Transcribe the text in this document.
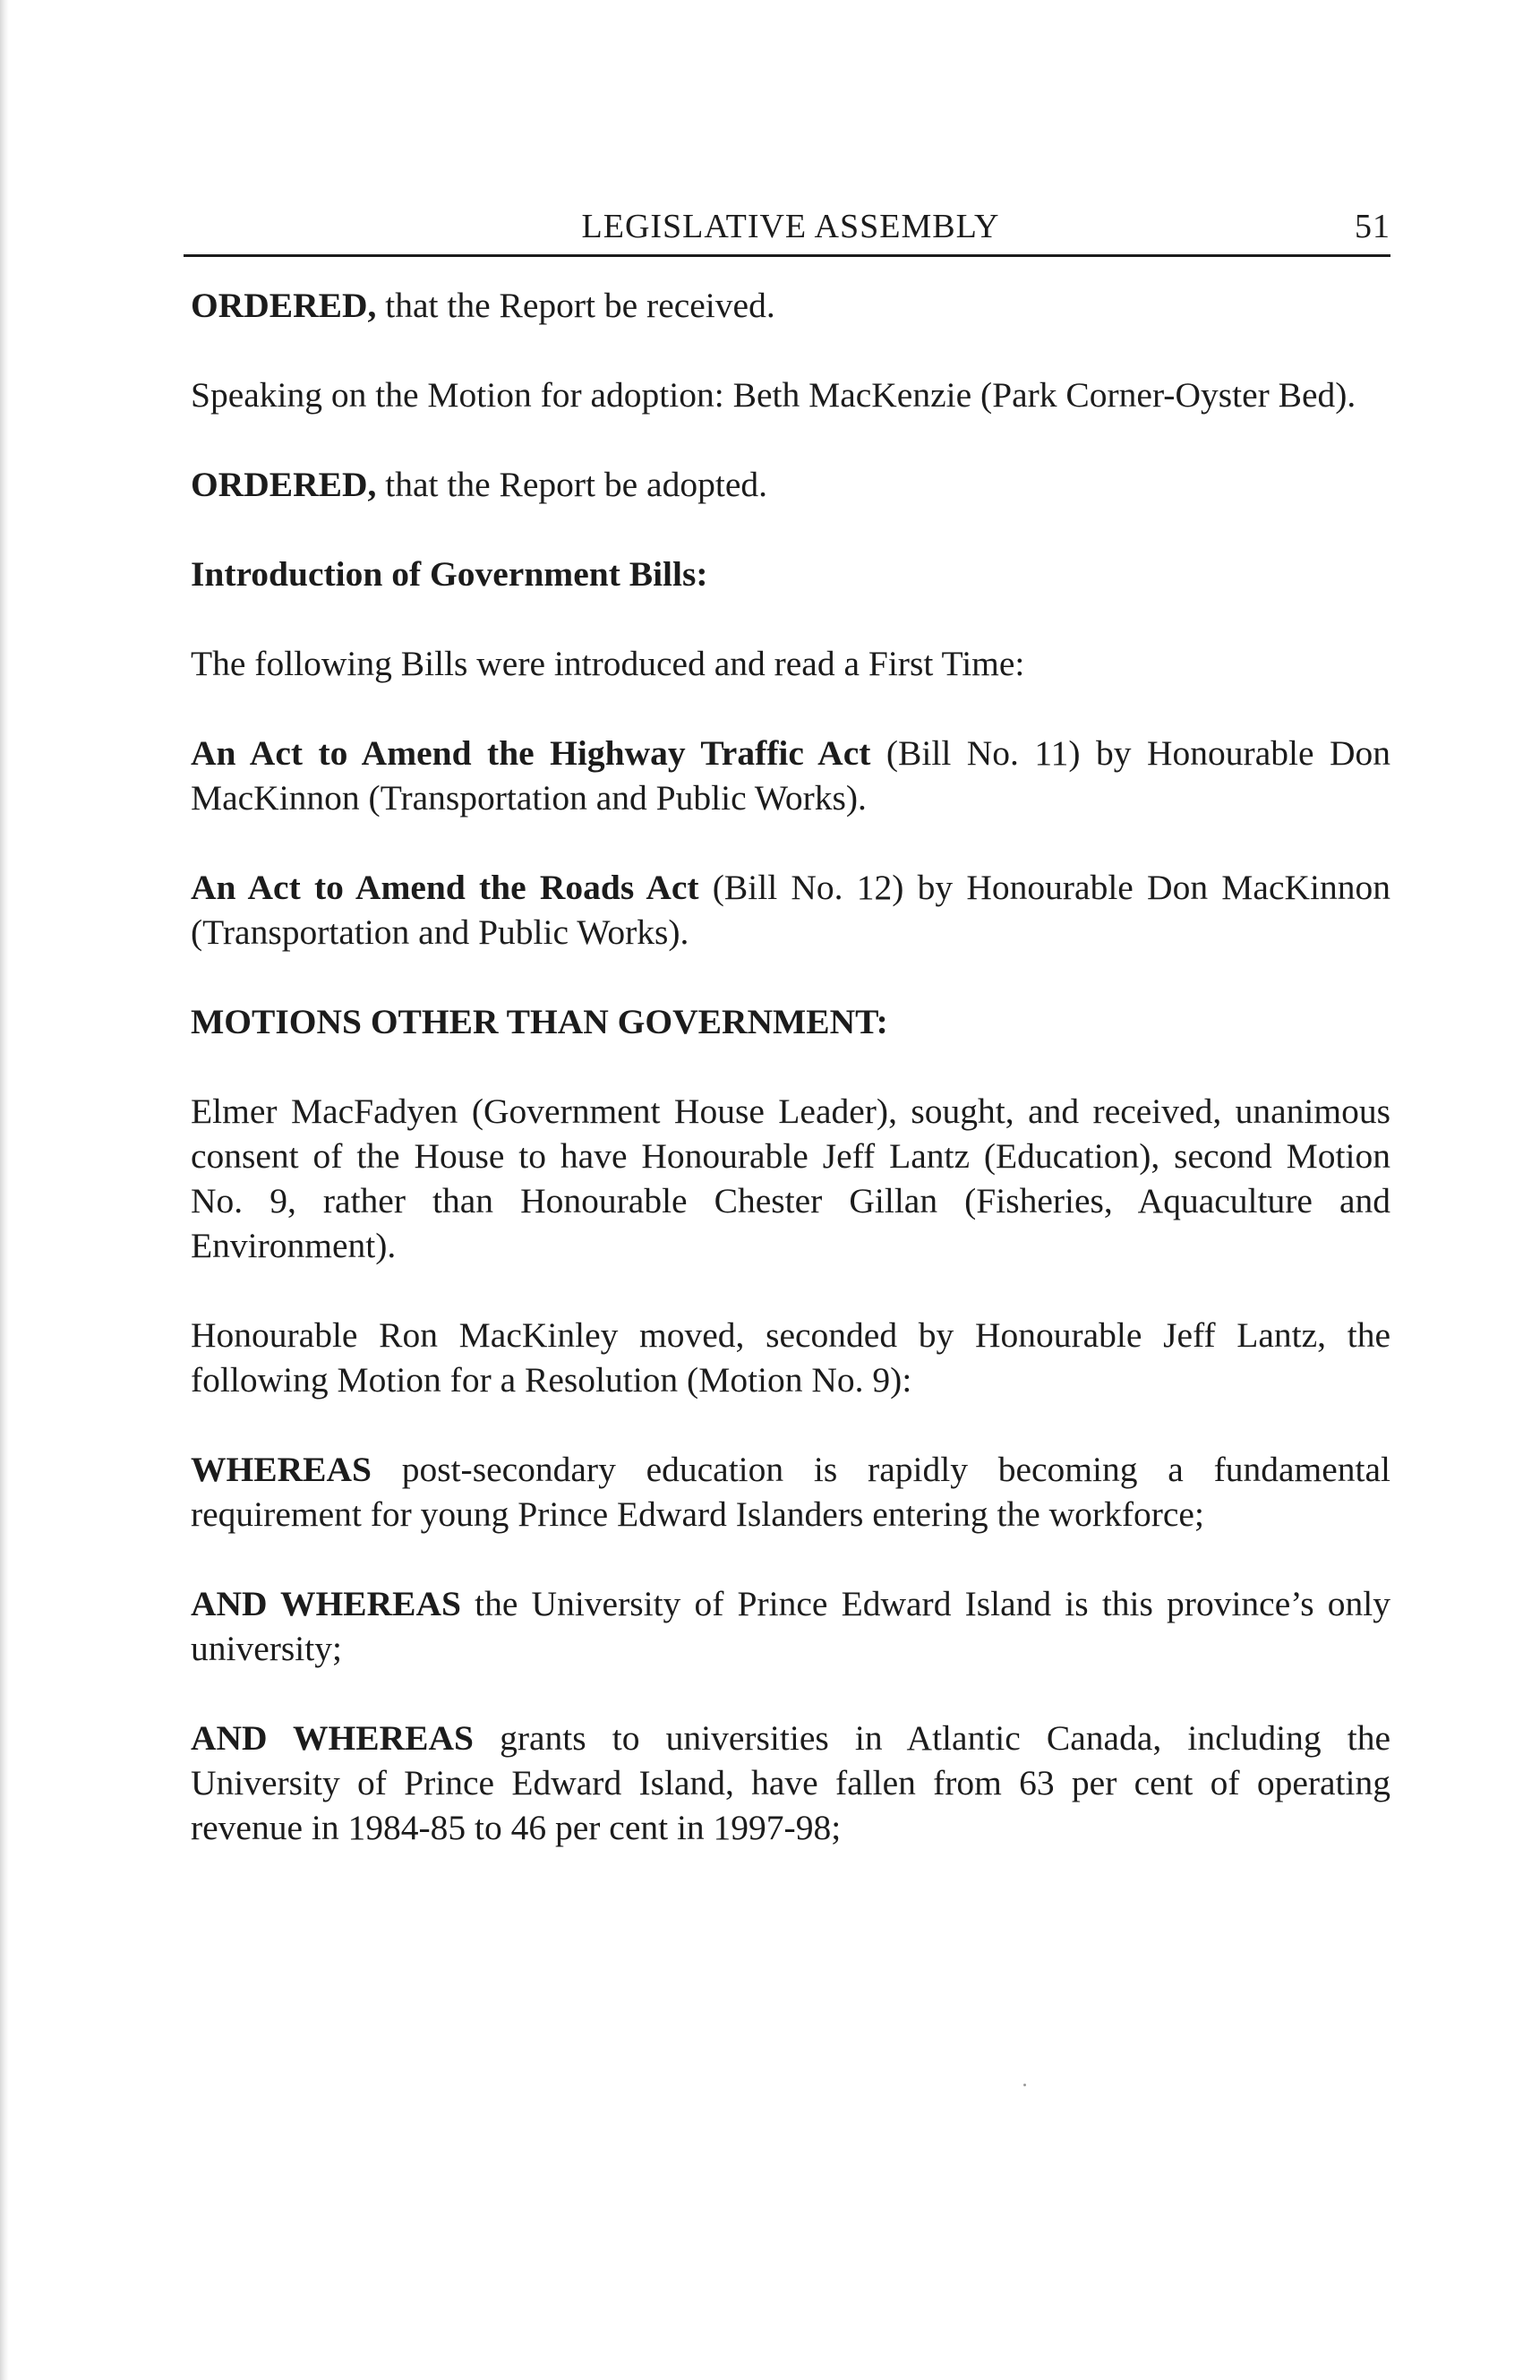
LEGISLATIVE ASSEMBLY	51

ORDERED, that the Report be received.

Speaking on the Motion for adoption: Beth MacKenzie (Park Corner-Oyster Bed).

ORDERED, that the Report be adopted.

Introduction of Government Bills:

The following Bills were introduced and read a First Time:

An Act to Amend the Highway Traffic Act (Bill No. 11) by Honourable Don MacKinnon (Transportation and Public Works).

An Act to Amend the Roads Act (Bill No. 12) by Honourable Don MacKinnon (Transportation and Public Works).

MOTIONS OTHER THAN GOVERNMENT:

Elmer MacFadyen (Government House Leader), sought, and received, unanimous consent of the House to have Honourable Jeff Lantz (Education), second Motion No. 9, rather than Honourable Chester Gillan (Fisheries, Aquaculture and Environment).

Honourable Ron MacKinley moved, seconded by Honourable Jeff Lantz, the following Motion for a Resolution (Motion No. 9):

WHEREAS post-secondary education is rapidly becoming a fundamental requirement for young Prince Edward Islanders entering the workforce;

AND WHEREAS the University of Prince Edward Island is this province’s only university;

AND WHEREAS grants to universities in Atlantic Canada, including the University of Prince Edward Island, have fallen from 63 per cent of operating revenue in 1984-85 to 46 per cent in 1997-98;
